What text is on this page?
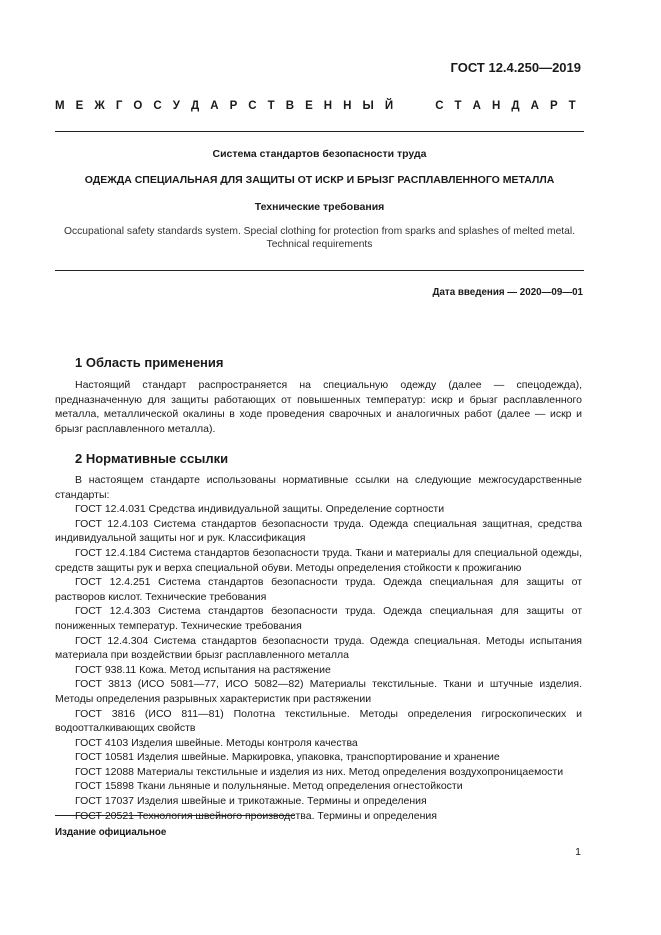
ГОСТ 12.4.250—2019
М Е Ж Г О С У Д А Р С Т В Е Н Н Ы Й	С Т А Н Д А Р Т
Система стандартов безопасности труда
ОДЕЖДА СПЕЦИАЛЬНАЯ ДЛЯ ЗАЩИТЫ ОТ ИСКР И БРЫЗГ РАСПЛАВЛЕННОГО МЕТАЛЛА
Технические требования
Occupational safety standards system. Special clothing for protection from sparks and splashes of melted metal.
Technical requirements
Дата введения — 2020—09—01
1 Область применения
Настоящий стандарт распространяется на специальную одежду (далее — спецодежда), предназначенную для защиты работающих от повышенных температур: искр и брызг расплавленного металла, металлической окалины в ходе проведения сварочных и аналогичных работ (далее — искр и брызг расплавленного металла).
2 Нормативные ссылки

В настоящем стандарте использованы нормативные ссылки на следующие межгосударственные стандарты:

ГОСТ 12.4.031 Средства индивидуальной защиты. Определение сортности

ГОСТ 12.4.103 Система стандартов безопасности труда. Одежда специальная защитная, средства индивидуальной защиты ног и рук. Классификация

ГОСТ 12.4.184 Система стандартов безопасности труда. Ткани и материалы для специальной одежды, средств защиты рук и верха специальной обуви. Методы определения стойкости к прожиганию

ГОСТ 12.4.251 Система стандартов безопасности труда. Одежда специальная для защиты от растворов кислот. Технические требования

ГОСТ 12.4.303 Система стандартов безопасности труда. Одежда специальная для защиты от пониженных температур. Технические требования

ГОСТ 12.4.304 Система стандартов безопасности труда. Одежда специальная. Методы испытания материала при воздействии брызг расплавленного металла

ГОСТ 938.11 Кожа. Метод испытания на растяжение

ГОСТ 3813 (ИСО 5081—77, ИСО 5082—82) Материалы текстильные. Ткани и штучные изделия. Методы определения разрывных характеристик при растяжении

ГОСТ 3816 (ИСО 811—81) Полотна текстильные. Методы определения гигроскопических и водоотталкивающих свойств

ГОСТ 4103 Изделия швейные. Методы контроля качества

ГОСТ 10581 Изделия швейные. Маркировка, упаковка, транспортирование и хранение

ГОСТ 12088 Материалы текстильные и изделия из них. Метод определения воздухопроницаемости

ГОСТ 15898 Ткани льняные и полульняные. Метод определения огнестойкости

ГОСТ 17037 Изделия швейные и трикотажные. Термины и определения

ГОСТ 20521 Технология швейного производства. Термины и определения

Издание официальное
1
